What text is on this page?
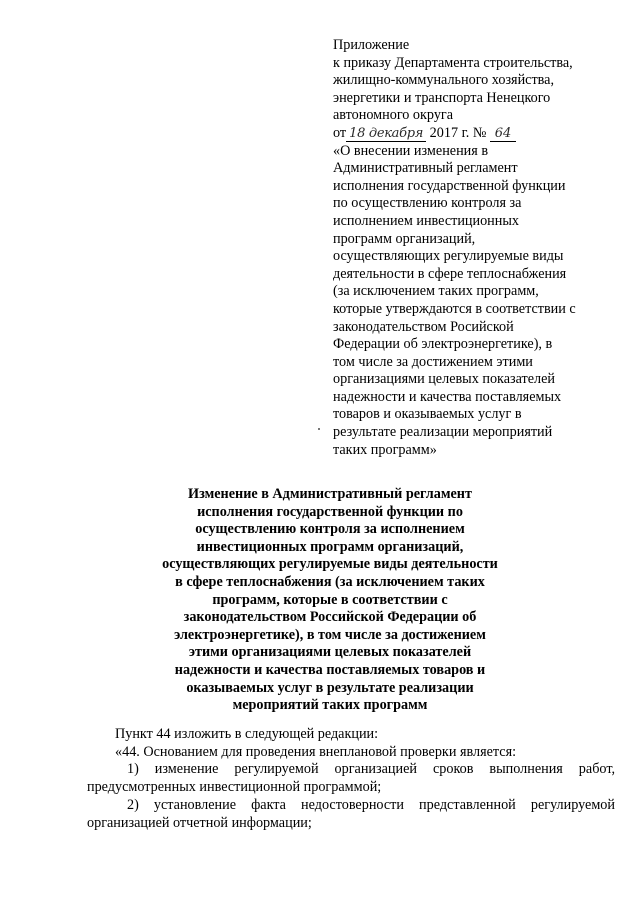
Приложение
к приказу Департамента строительства,
жилищно-коммунального хозяйства,
энергетики и транспорта Ненецкого
автономного округа
от 18 декабря 2017 г. № 64
«О внесении изменения в
Административный регламент
исполнения государственной функции
по осуществлению контроля за
исполнением инвестиционных
программ организаций,
осуществляющих регулируемые виды
деятельности в сфере теплоснабжения
(за исключением таких программ,
которые утверждаются в соответствии с
законодательством Росийской
Федерации об электроэнергетике), в
том числе за достижением этими
организациями целевых показателей
надежности и качества поставляемых
товаров и оказываемых услуг в
результате реализации мероприятий
таких программ»
Изменение в Административный регламент
исполнения государственной функции по
осуществлению контроля за исполнением
инвестиционных программ организаций,
осуществляющих регулируемые виды деятельности
в сфере теплоснабжения (за исключением таких
программ, которые в соответствии с
законодательством Российской Федерации об
электроэнергетике), в том числе за достижением
этими организациями целевых показателей
надежности и качества поставляемых товаров и
оказываемых услуг в результате реализации
мероприятий таких программ
Пункт 44 изложить в следующей редакции:
«44. Основанием для проведения внеплановой проверки является:
1) изменение регулируемой организацией сроков выполнения работ,
предусмотренных инвестиционной программой;
2) установление факта недостоверности представленной регулируемой
организацией отчетной информации;
